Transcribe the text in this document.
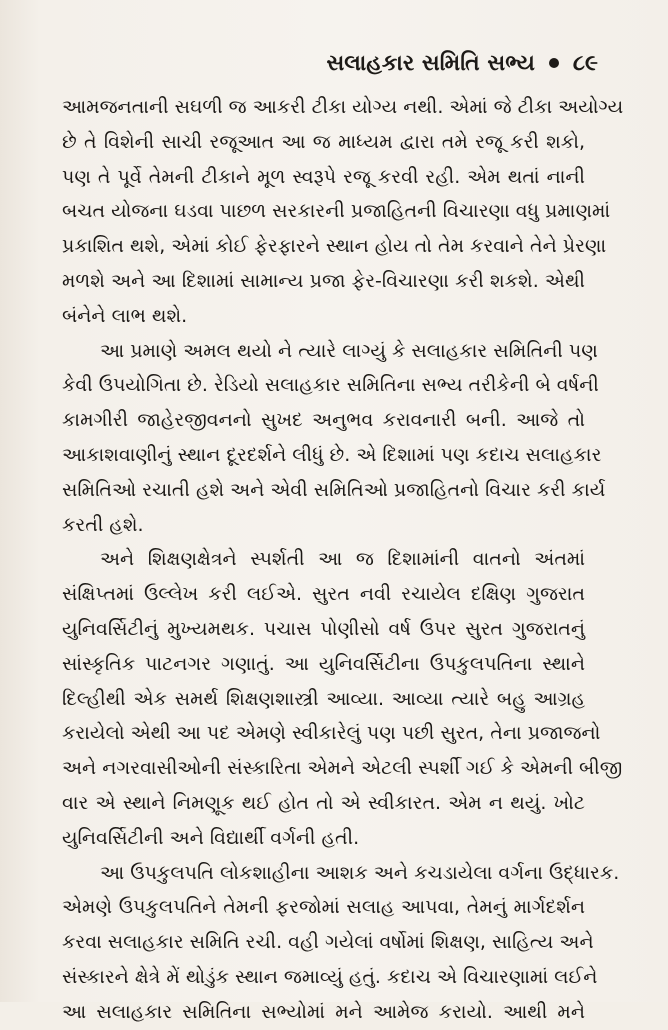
સલાહકાર સમિતિ સભ્ય ૮૯
આમજનતાની સઘળી જ આકરી ટીકા યોગ્ય નથી. એમાં જે ટીકા અયોગ્ય
છે તે વિશેની સાચી રજૂઆત આ જ માધ્યમ દ્વારા તમે રજૂ કરી શકો,
પણ તે પૂર્વે તેમની ટીકાને મૂળ સ્વરૂપે રજૂ કરવી રહી. એમ થતાં નાની
બચત યોજના ઘડવા પાછળ સરકારની પ્રજાહિતની વિચારણા વધુ પ્રમાણમાં
પ્રકાશિત થશે, એમાં કોઈ ફેરફારને સ્થાન હોય તો તેમ કરવાને તેને પ્રેરણા
મળશે અને આ દિશામાં સામાન્ય પ્રજા ફેર-વિચારણા કરી શકશે. એથી
બંનેને લાભ થશે.
આ પ્રમાણે અમલ થયો ને ત્યારે લાગ્યું કે સલાહકાર સમિતિની પણ
કેવી ઉપયોગિતા છે. રેડિયો સલાહકાર સમિતિના સભ્ય તરીકેની બે વર્ષની
કામગીરી જાહેરજીવનનો સુખદ અનુભવ કરાવનારી બની. આજે તો
આકાશવાણીનું સ્થાન દૂરદર્શને લીધું છે. એ દિશામાં પણ કદાચ સલાહકાર
સમિતિઓ રચાતી હશે અને એવી સમિતિઓ પ્રજાહિતનો વિચાર કરી કાર્ય
કરતી હશે.
અને શિક્ષણક્ષેત્રને સ્પર્શતી આ જ દિશામાંની વાતનો અંતમાં
સંક્ષિપ્તમાં ઉલ્લેખ કરી લઈએ. સુરત નવી રચાયેલ દક્ષિણ ગુજરાત
યુનિવર્સિટીનું મુખ્યમથક. પચાસ પોણીસો વર્ષ ઉપર સુરત ગુજરાતનું
સાંસ્કૃતિક પાટનગર ગણાતું. આ યુનિવર્સિટીના ઉપકુલપતિના સ્થાને
દિલ્હીથી એક સમર્થ શિક્ષણશાસ્ત્રી આવ્યા. આવ્યા ત્યારે બહુ આગ્રહ
કરાયેલો એથી આ પદ એમણે સ્વીકારેલું પણ પછી સુરત, તેના પ્રજાજનો
અને નગરવાસીઓની સંસ્કારિતા એમને એટલી સ્પર્શી ગઈ કે એમની બીજી
વાર એ સ્થાને નિમણૂક થઈ હોત તો એ સ્વીકારત. એમ ન થયું. ખોટ
યુનિવર્સિટીની અને વિદ્યાર્થી વર્ગની હતી.
આ ઉપકુલપતિ લોકશાહીના આશક અને કચડાયેલા વર્ગના ઉદ્ધારક.
એમણે ઉપકુલપતિને તેમની ફરજોમાં સલાહ આપવા, તેમનું માર્ગદર્શન
કરવા સલાહકાર સમિતિ રચી. વહી ગયેલાં વર્ષોમાં શિક્ષણ, સાહિત્ય અને
સંસ્કારને ક્ષેત્રે મેં થોડુંક સ્થાન જમાવ્યું હતું. કદાચ એ વિચારણામાં લઈને
આ સલાહકાર સમિતિના સભ્યોમાં મને આમેજ કરાયો. આથી મને
